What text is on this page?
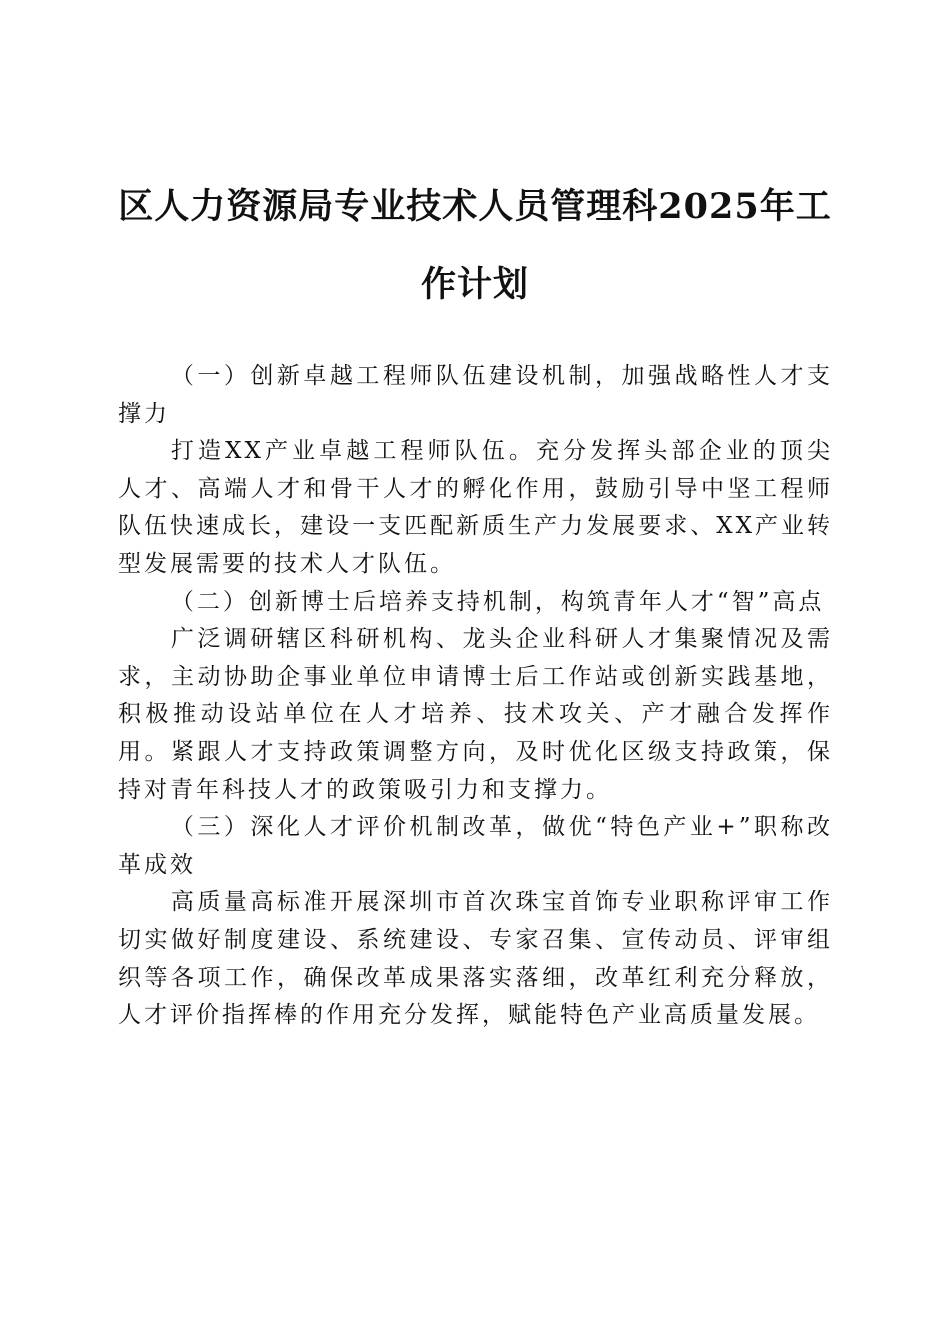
区人力资源局专业技术人员管理科2025年工作计划

（一）创新卓越工程师队伍建设机制，加强战略性人才支撑力

打造XX产业卓越工程师队伍。充分发挥头部企业的顶尖人才、高端人才和骨干人才的孵化作用，鼓励引导中坚工程师队伍快速成长，建设一支匹配新质生产力发展要求、XX产业转型发展需要的技术人才队伍。

（二）创新博士后培养支持机制，构筑青年人才“智”高点

广泛调研辖区科研机构、龙头企业科研人才集聚情况及需求，主动协助企事业单位申请博士后工作站或创新实践基地，积极推动设站单位在人才培养、技术攻关、产才融合发挥作用。紧跟人才支持政策调整方向，及时优化区级支持政策，保持对青年科技人才的政策吸引力和支撑力。

（三）深化人才评价机制改革，做优“特色产业+”职称改革成效

高质量高标准开展深圳市首次珠宝首饰专业职称评审工作切实做好制度建设、系统建设、专家召集、宣传动员、评审组织等各项工作，确保改革成果落实落细，改革红利充分释放，人才评价指挥棒的作用充分发挥，赋能特色产业高质量发展。
